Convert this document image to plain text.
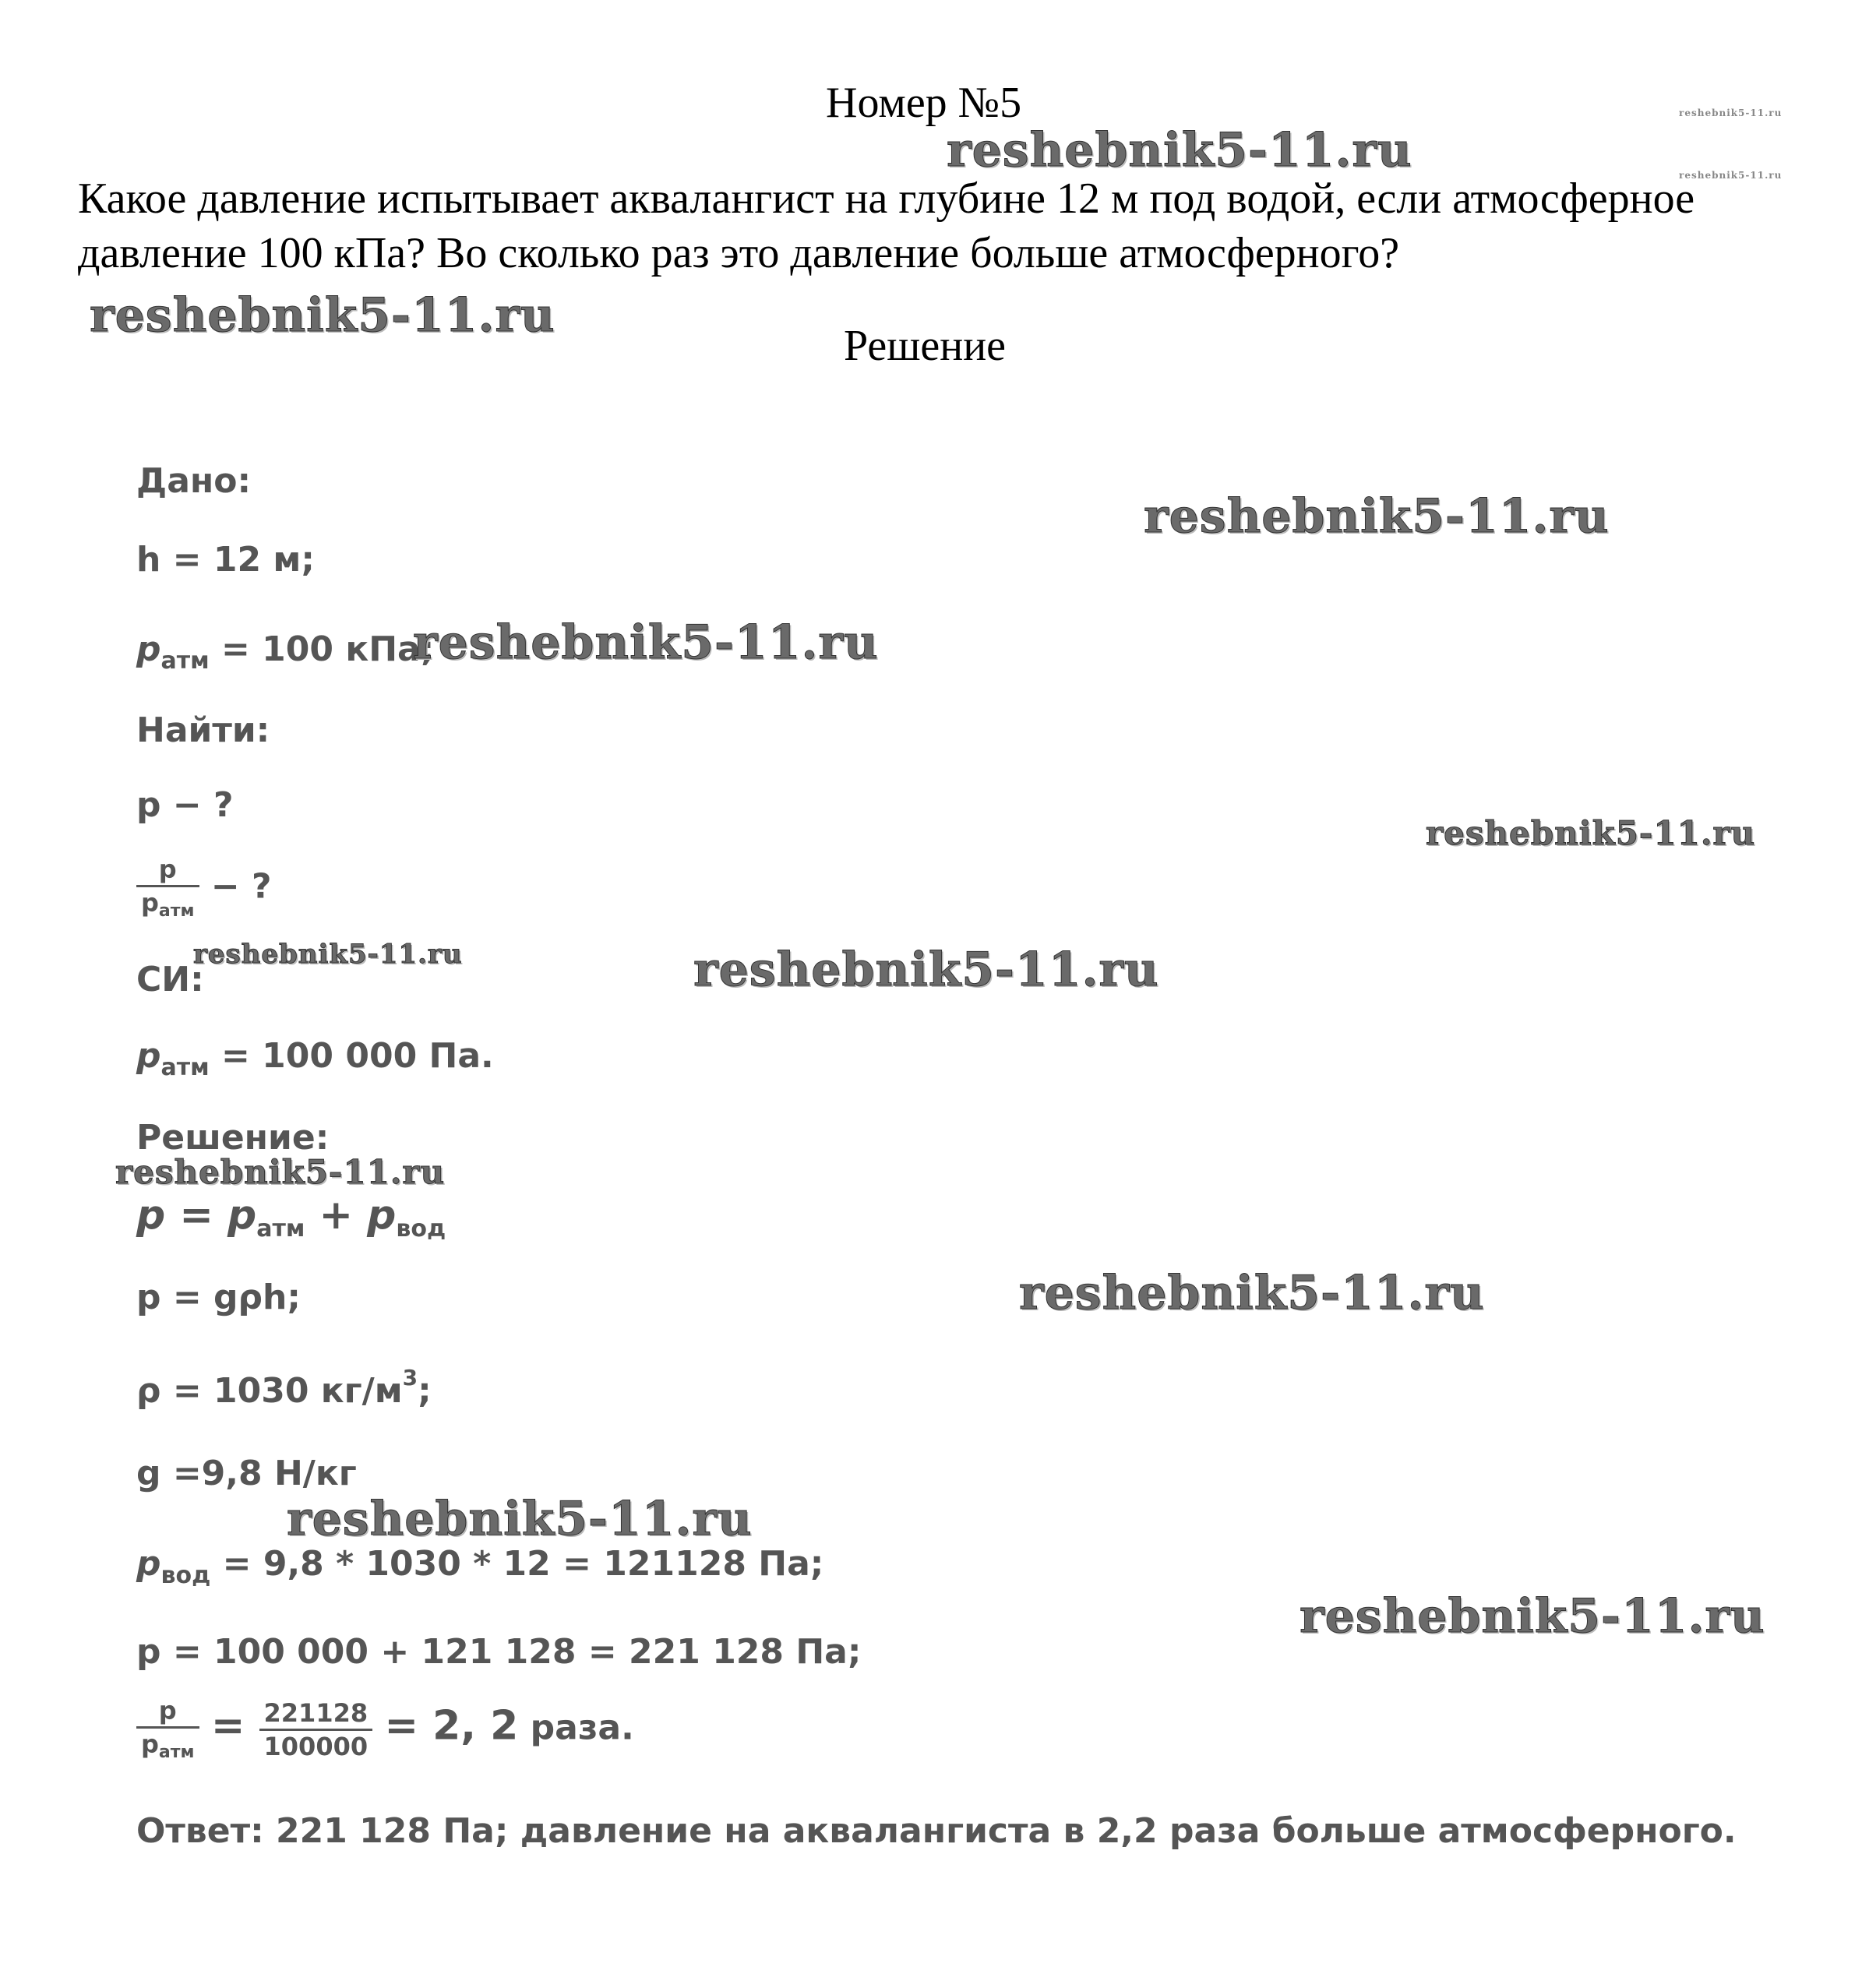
Номер №5
Какое давление испытывает аквалангист на глубине 12 м под водой, если атмосферное давление 100 кПа? Во сколько раз это давление больше атмосферного?
Решение
Дано:
h = 12 м;
$p_{атм} = 100$ кПа;
Найти:
p − ?
$\frac{p}{p_{атм}}$ − ?
СИ:
$p_{атм} = 100$ 000 Па.
Решение:
$p = p_{атм} + p_{вод}$
p = gρh;
ρ = 1030 $кг/м^3$;
g =9,8 Н/кг
$p_{вод} = 9,8 * 1030 * 12 = 121128$ Па;
p = 100 000 + 121 128 = 221 128 Па;
$\frac{p}{p_{атм}} = \frac{221128}{100000} = 2$, 2 раза.
Ответ: 221 128 Па; давление на аквалангиста в 2,2 раза больше атмосферного.
reshebnik5-11.ru
reshebnik5-11.ru
reshebnik5-11.ru
reshebnik5-11.ru
reshebnik5-11.ru
reshebnik5-11.ru
reshebnik5-11.ru
reshebnik5-11.ru	reshebnik5-11.ru
reshebnik5-11.ru
reshebnik5-11.ru
reshebnik5-11.ru
reshebnik5-11.ru
